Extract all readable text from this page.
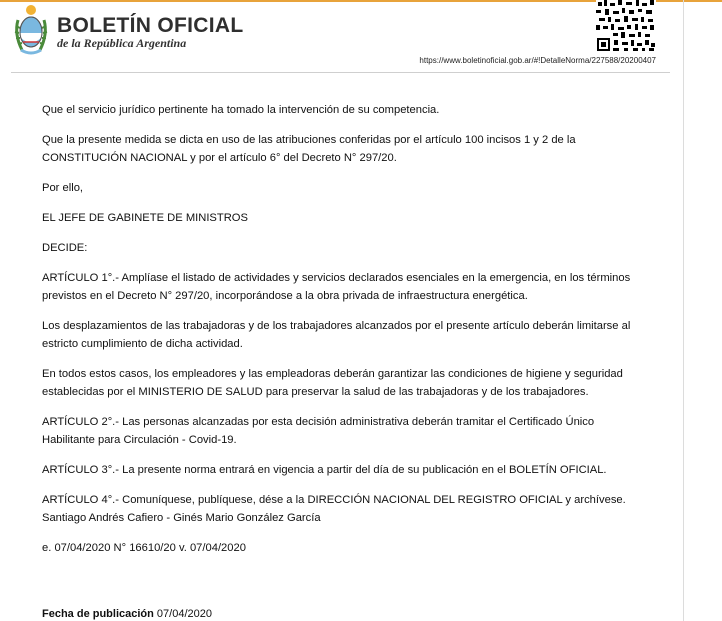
BOLETÍN OFICIAL
de la República Argentina
https://www.boletinoficial.gob.ar/#!DetalleNorma/227588/20200407

Que el servicio jurídico pertinente ha tomado la intervención de su competencia.

Que la presente medida se dicta en uso de las atribuciones conferidas por el artículo 100 incisos 1 y 2 de la CONSTITUCIÓN NACIONAL y por el artículo 6° del Decreto N° 297/20.

Por ello,

EL JEFE DE GABINETE DE MINISTROS

DECIDE:

ARTÍCULO 1°.- Amplíase el listado de actividades y servicios declarados esenciales en la emergencia, en los términos previstos en el Decreto N° 297/20, incorporándose a la obra privada de infraestructura energética.

Los desplazamientos de las trabajadoras y de los trabajadores alcanzados por el presente artículo deberán limitarse al estricto cumplimiento de dicha actividad.

En todos estos casos, los empleadores y las empleadoras deberán garantizar las condiciones de higiene y seguridad establecidas por el MINISTERIO DE SALUD para preservar la salud de las trabajadoras y de los trabajadores.

ARTÍCULO 2°.- Las personas alcanzadas por esta decisión administrativa deberán tramitar el Certificado Único Habilitante para Circulación - Covid-19.

ARTÍCULO 3°.- La presente norma entrará en vigencia a partir del día de su publicación en el BOLETÍN OFICIAL.

ARTÍCULO 4°.- Comuníquese, publíquese, dése a la DIRECCIÓN NACIONAL DEL REGISTRO OFICIAL y archívese. Santiago Andrés Cafiero - Ginés Mario González García

e. 07/04/2020 N° 16610/20 v. 07/04/2020

Fecha de publicación 07/04/2020
